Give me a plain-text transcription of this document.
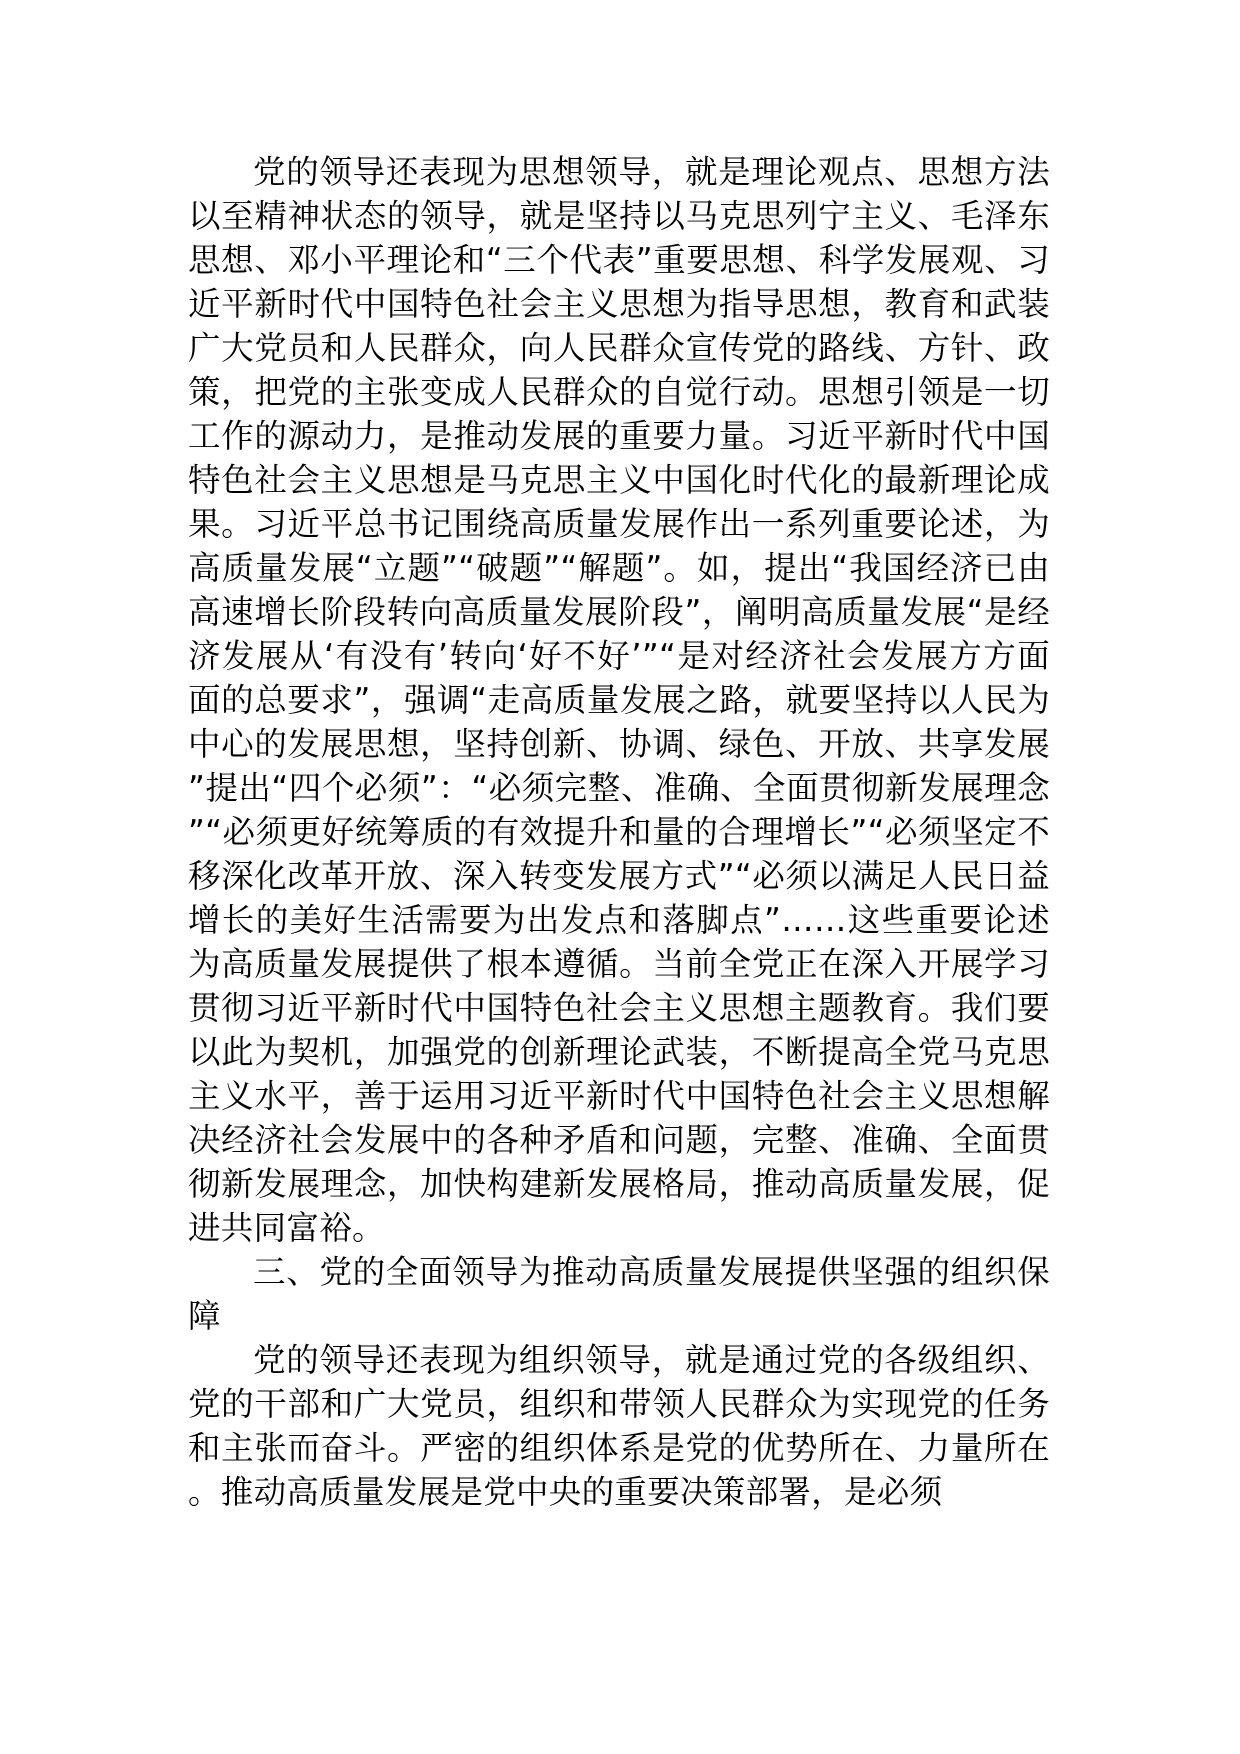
党的领导还表现为思想领导，就是理论观点、思想方法以至精神状态的领导，就是坚持以马克思列宁主义、毛泽东思想、邓小平理论和“三个代表”重要思想、科学发展观、习近平新时代中国特色社会主义思想为指导思想，教育和武装广大党员和人民群众，向人民群众宣传党的路线、方针、政策，把党的主张变成人民群众的自觉行动。思想引领是一切工作的源动力，是推动发展的重要力量。习近平新时代中国特色社会主义思想是马克思主义中国化时代化的最新理论成果。习近平总书记围绕高质量发展作出一系列重要论述，为高质量发展“立题”“破题”“解题”。如，提出“我国经济已由高速增长阶段转向高质量发展阶段”，阐明高质量发展“是经济发展从‘有没有’转向‘好不好’”“是对经济社会发展方方面面的总要求”，强调“走高质量发展之路，就要坚持以人民为中心的发展思想，坚持创新、协调、绿色、开放、共享发展”提出“四个必须”：“必须完整、准确、全面贯彻新发展理念”“必须更好统筹质的有效提升和量的合理增长”“必须坚定不移深化改革开放、深入转变发展方式”“必须以满足人民日益增长的美好生活需要为出发点和落脚点”……这些重要论述为高质量发展提供了根本遵循。当前全党正在深入开展学习贯彻习近平新时代中国特色社会主义思想主题教育。我们要以此为契机，加强党的创新理论武装，不断提高全党马克思主义水平，善于运用习近平新时代中国特色社会主义思想解决经济社会发展中的各种矛盾和问题，完整、准确、全面贯彻新发展理念，加快构建新发展格局，推动高质量发展，促进共同富裕。

三、党的全面领导为推动高质量发展提供坚强的组织保障

党的领导还表现为组织领导，就是通过党的各级组织、党的干部和广大党员，组织和带领人民群众为实现党的任务和主张而奋斗。严密的组织体系是党的优势所在、力量所在。推动高质量发展是党中央的重要决策部署，是必须
